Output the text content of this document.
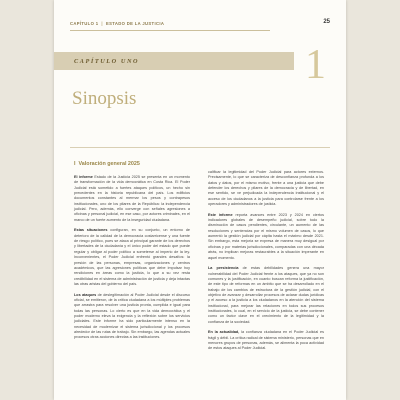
CAPÍTULO 1 | ESTADO DE LA JUSTICIA	25
CAPÍTULO UNO	1
Sinopsis
I Valoración general 2025

El informe Estado de la Justicia 2025 se presenta en un momento de transformación de la vida democrática en Costa Rica. El Poder Judicial está sometido a fuertes ataques políticos, un hecho sin precedentes en la historia republicana del país. Los edificios documentos constantes al mermar los pesos y contrapesos institucionales, uno de los pilares de la República: la independencia judicial. Pero, además, ello converge con señales agresiones a oficinas y personal judicial, en ese caso, por actores criminales, en el marco de un fuerte aumento de la inseguridad ciudadana.

Estas situaciones configuran, en su conjunto, un entorno de deterioro de la calidad de la democracia costarricense y una fuente de riesgo político, pues se ataca al principal garante de los derechos y libertades de la ciudadanía y el único poder del estado que puede regular y obligar al poder político a someterse al imperio de la ley. Inconvenientes, el Poder Judicial enfrentó grandes desafíos: la presión de las personas, empresas, organizaciones y centros académicos, que las agresiones políticas que debe impulsar hoy rendiciones en áreas como la justicia, lo que a su vez resta credibilidad en el sistema de administración de justicia y deja intactas las otras aristas del gobierno del país.

Los ataques de deslegitimación al Poder Judicial desde el discurso oficial, se emitieron, de la crítica ciudadana a los múltiples problemas que arrastra para resolver una justicia pronta, cumplida e igual para todas las personas. Lo cierto es que en la vida democrática y el poder moderno eleva la exigencia y la reflexión sobre los servicios judiciales. Este informe ha sido particularmente intenso en la necesidad de modernizar el sistema jurisdiccional y los procesos alrededor de las rutas de trabajo. Sin embargo, las agendas actuales procesos otras acciones directas a las instituciones.

calificar la legitimidad del Poder Judicial para actores externos. Precisamente, lo que se caracteriza de desconfianza profunda a los datos y datos, por el mismo motivo, frente a una justicia que debe defender los derechos y pilares de la democracia y de libertad, en ese sentido, se ve perjudicada la independencia institucional y el acceso de los ciudadanos a la justicia para controlarse frente a los operadores y administradores de justicia.

Este informe reporta avances entre 2023 y 2024 en ciertos indicadores globales de desempeño judicial, sobre todo la disminución de casos pendientes, circulante, un aumento de las resoluciones y sentencias por el mismo volumen de casos, lo que aumentó la gestión judicial por cápita hasta el máximo desde 2021. Sin embargo, esta mejoría se expresa de manera muy desigual por oficinas y por materias jurisdiccionales, comparadas con una década atrás, no implican mejoras restaurables a la situación imperante en aquel momento.

La persistencia de estas debilidades genera una mayor vulnerabilidad del Poder Judicial frente a los ataques, que ya no son comunes y la justificación, en cuanto buscan reforma la justificación, de este tipo de reformas en un ámbito que se ha desarrollado en el trabajo de los cambios de estructura de la gestión judicial, con el objetivo de avanzar y desarrollar procesos de aclarar dudas jurídicas y el acceso a la justicia a los ciudadanos en la atención del sistema institucional, para mejorar las relaciones en todos sus procesos institucionales, lo cual, en el servicio de la justicia, se debe contener como un factor clave en el crecimiento de la legitimidad y la confianza de la sociedad.

En la actualidad, la confianza ciudadana en el Poder Judicial es frágil y débil. La crítica radical de sistema ministerio, personas que en menores grupos de personas, además, se alimenta la poca actividad de estos ataques al Poder Judicial.
